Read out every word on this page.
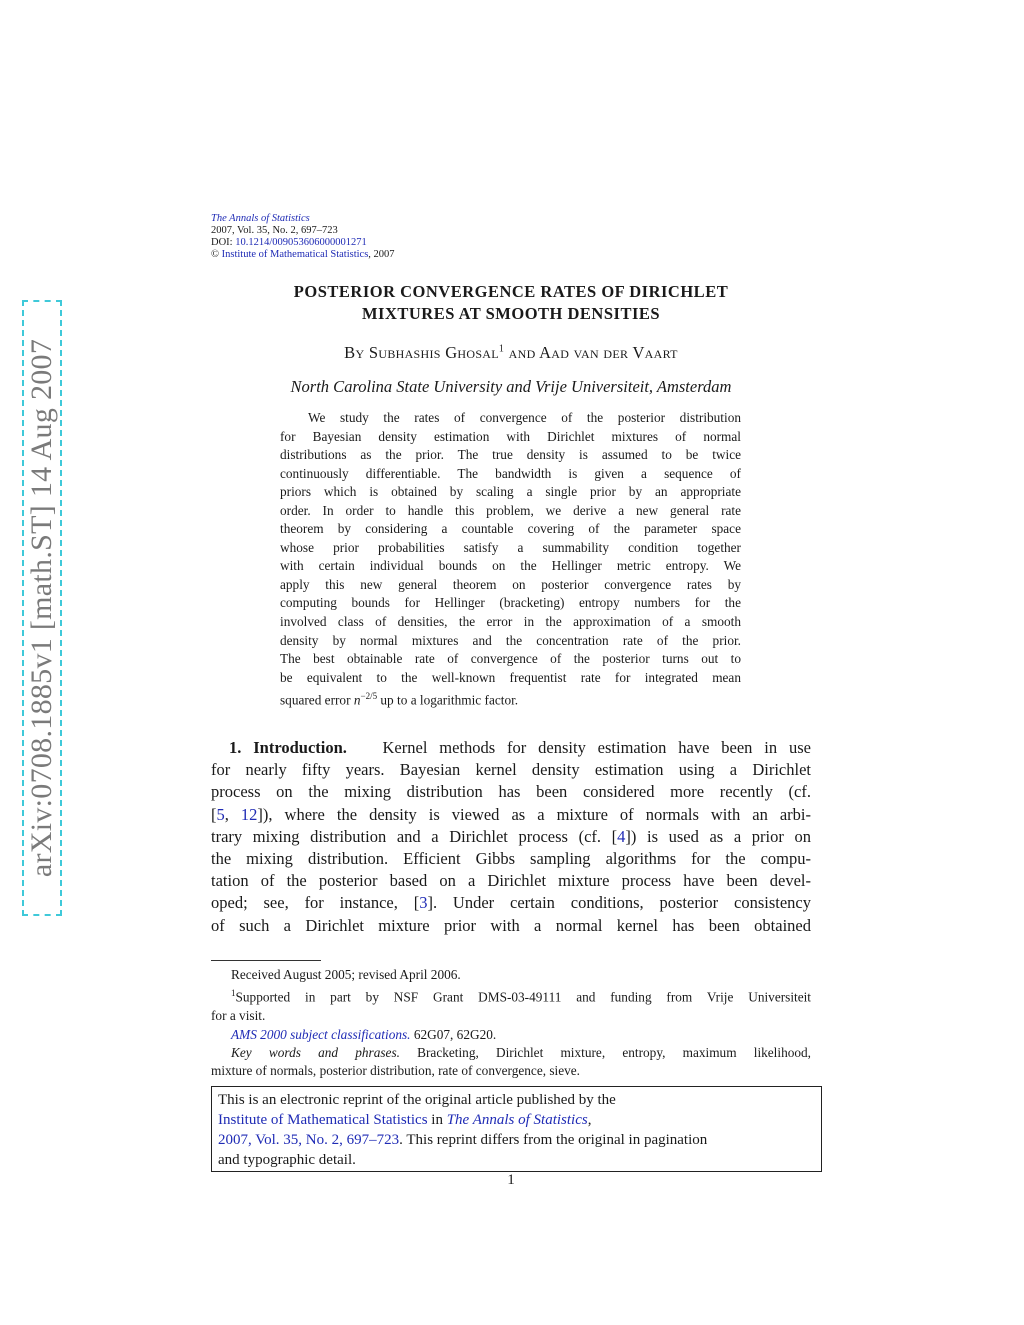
arXiv:0708.1885v1 [math.ST] 14 Aug 2007
The Annals of Statistics
2007, Vol. 35, No. 2, 697–723
DOI: 10.1214/009053606000001271
© Institute of Mathematical Statistics, 2007
POSTERIOR CONVERGENCE RATES OF DIRICHLET
MIXTURES AT SMOOTH DENSITIES
By Subhashis Ghosal$^1$ and Aad van der Vaart
North Carolina State University and Vrije Universiteit, Amsterdam
We study the rates of convergence of the posterior distribution
for Bayesian density estimation with Dirichlet mixtures of normal
distributions as the prior. The true density is assumed to be twice
continuously differentiable. The bandwidth is given a sequence of
priors which is obtained by scaling a single prior by an appropriate
order. In order to handle this problem, we derive a new general rate
theorem by considering a countable covering of the parameter space
whose prior probabilities satisfy a summability condition together
with certain individual bounds on the Hellinger metric entropy. We
apply this new general theorem on posterior convergence rates by
computing bounds for Hellinger (bracketing) entropy numbers for the
involved class of densities, the error in the approximation of a smooth
density by normal mixtures and the concentration rate of the prior.
The best obtainable rate of convergence of the posterior turns out to
be equivalent to the well-known frequentist rate for integrated mean
squared error $n^{-2/5}$ up to a logarithmic factor.
1. Introduction. Kernel methods for density estimation have been in use
for nearly fifty years. Bayesian kernel density estimation using a Dirichlet
process on the mixing distribution has been considered more recently (cf.
[5, 12]), where the density is viewed as a mixture of normals with an arbi-
trary mixing distribution and a Dirichlet process (cf. [4]) is used as a prior on
the mixing distribution. Efficient Gibbs sampling algorithms for the compu-
tation of the posterior based on a Dirichlet mixture process have been devel-
oped; see, for instance, [3]. Under certain conditions, posterior consistency
of such a Dirichlet mixture prior with a normal kernel has been obtained
Received August 2005; revised April 2006.
$^1$Supported in part by NSF Grant DMS-03-49111 and funding from Vrije Universiteit
for a visit.
AMS 2000 subject classifications. 62G07, 62G20.
Key words and phrases. Bracketing, Dirichlet mixture, entropy, maximum likelihood,
mixture of normals, posterior distribution, rate of convergence, sieve.
This is an electronic reprint of the original article published by the
Institute of Mathematical Statistics in The Annals of Statistics,
2007, Vol. 35, No. 2, 697–723. This reprint differs from the original in pagination
and typographic detail.
1
